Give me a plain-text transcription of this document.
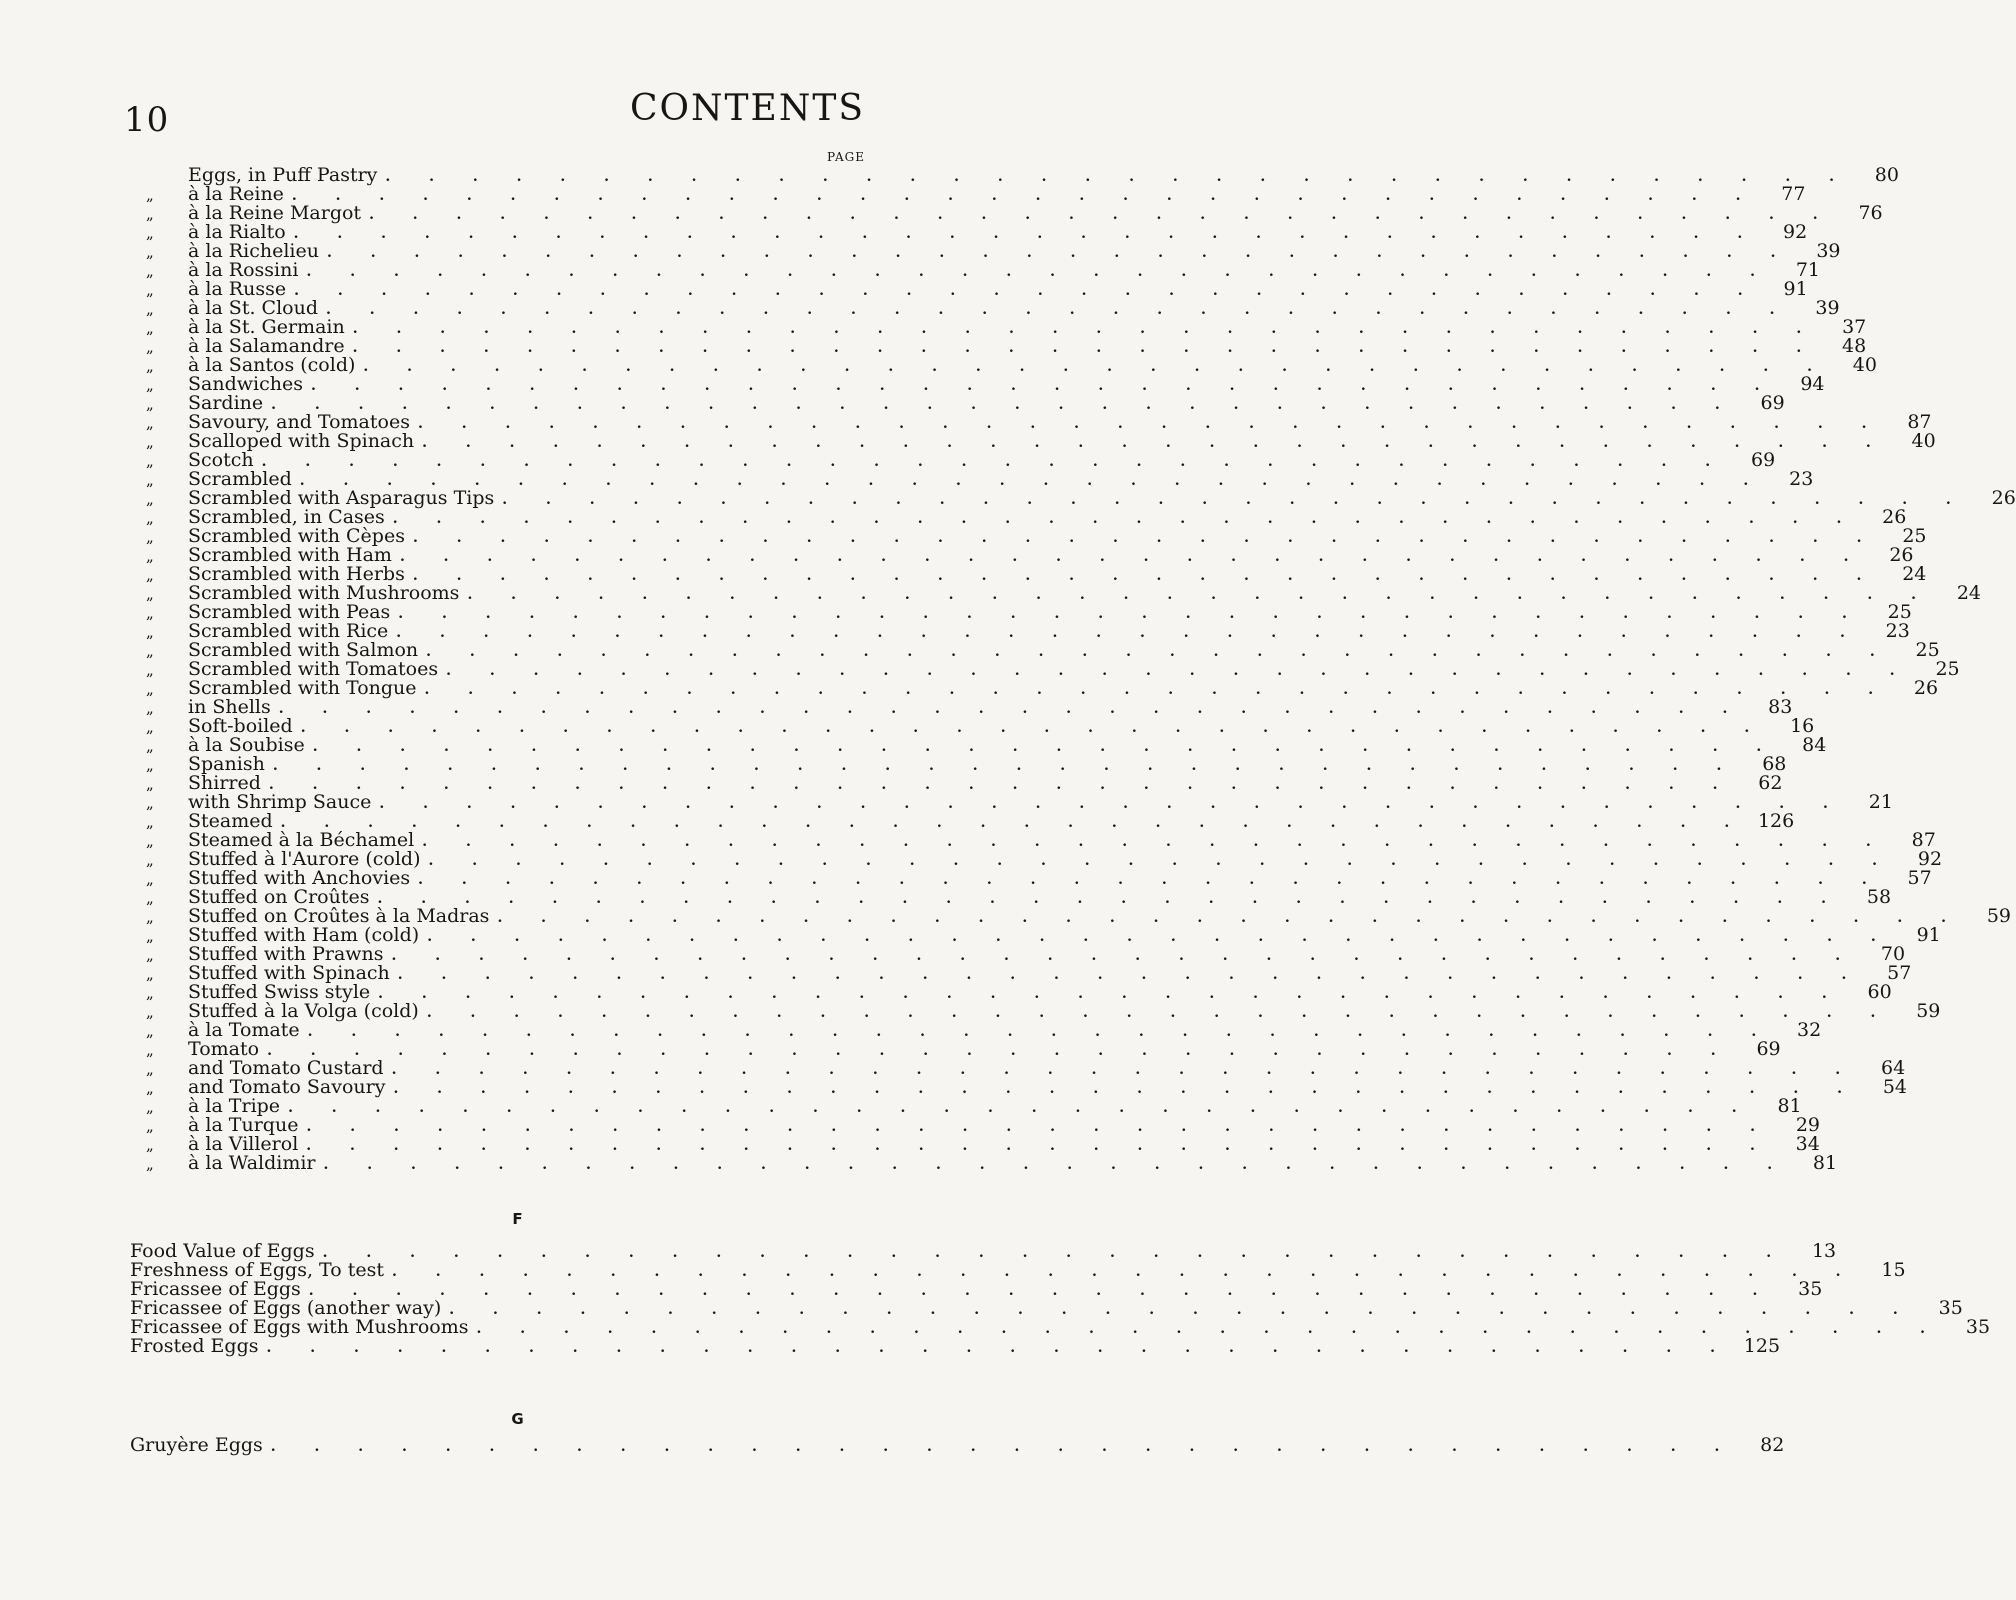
10	CONTENTS
PAGE
Eggs, in Puff Pastry . . . . . . . . . . . . . . . . . . . . . . . . . . . . . . . . . .	80
„	à la Reine . . . . . . . . . . . . . . . . . . . . . . . . . . . . . . . . . .	77
„	à la Reine Margot . . . . . . . . . . . . . . . . . . . . . . . . . . . . . . . . . .	76
„	à la Rialto . . . . . . . . . . . . . . . . . . . . . . . . . . . . . . . . . .	92
„	à la Richelieu . . . . . . . . . . . . . . . . . . . . . . . . . . . . . . . . . .	39
„	à la Rossini . . . . . . . . . . . . . . . . . . . . . . . . . . . . . . . . . .	71
„	à la Russe . . . . . . . . . . . . . . . . . . . . . . . . . . . . . . . . . .	91
„	à la St. Cloud . . . . . . . . . . . . . . . . . . . . . . . . . . . . . . . . . .	39
„	à la St. Germain . . . . . . . . . . . . . . . . . . . . . . . . . . . . . . . . . .	37
„	à la Salamandre . . . . . . . . . . . . . . . . . . . . . . . . . . . . . . . . . .	48
„	à la Santos (cold) . . . . . . . . . . . . . . . . . . . . . . . . . . . . . . . . . .	40
„	Sandwiches . . . . . . . . . . . . . . . . . . . . . . . . . . . . . . . . . .	94
„	Sardine . . . . . . . . . . . . . . . . . . . . . . . . . . . . . . . . . .	69
„	Savoury, and Tomatoes . . . . . . . . . . . . . . . . . . . . . . . . . . . . . . . . . .	87
„	Scalloped with Spinach . . . . . . . . . . . . . . . . . . . . . . . . . . . . . . . . . .	40
„	Scotch . . . . . . . . . . . . . . . . . . . . . . . . . . . . . . . . . .	69
„	Scrambled . . . . . . . . . . . . . . . . . . . . . . . . . . . . . . . . . .	23
„	Scrambled with Asparagus Tips . . . . . . . . . . . . . . . . . . . . . . . . . . . . . . . . . .	26
„	Scrambled, in Cases . . . . . . . . . . . . . . . . . . . . . . . . . . . . . . . . . .	26
„	Scrambled with Cèpes . . . . . . . . . . . . . . . . . . . . . . . . . . . . . . . . . .	25
„	Scrambled with Ham . . . . . . . . . . . . . . . . . . . . . . . . . . . . . . . . . .	26
„	Scrambled with Herbs . . . . . . . . . . . . . . . . . . . . . . . . . . . . . . . . . .	24
„	Scrambled with Mushrooms . . . . . . . . . . . . . . . . . . . . . . . . . . . . . . . . . .	24
„	Scrambled with Peas . . . . . . . . . . . . . . . . . . . . . . . . . . . . . . . . . .	25
„	Scrambled with Rice . . . . . . . . . . . . . . . . . . . . . . . . . . . . . . . . . .	23
„	Scrambled with Salmon . . . . . . . . . . . . . . . . . . . . . . . . . . . . . . . . . .	25
„	Scrambled with Tomatoes . . . . . . . . . . . . . . . . . . . . . . . . . . . . . . . . . .	25
„	Scrambled with Tongue . . . . . . . . . . . . . . . . . . . . . . . . . . . . . . . . . .	26
„	in Shells . . . . . . . . . . . . . . . . . . . . . . . . . . . . . . . . . .	83
„	Soft-boiled . . . . . . . . . . . . . . . . . . . . . . . . . . . . . . . . . .	16
„	à la Soubise . . . . . . . . . . . . . . . . . . . . . . . . . . . . . . . . . .	84
„	Spanish . . . . . . . . . . . . . . . . . . . . . . . . . . . . . . . . . .	68
„	Shirred . . . . . . . . . . . . . . . . . . . . . . . . . . . . . . . . . .	62
„	with Shrimp Sauce . . . . . . . . . . . . . . . . . . . . . . . . . . . . . . . . . .	21
„	Steamed . . . . . . . . . . . . . . . . . . . . . . . . . . . . . . . . . . 126
„	Steamed à la Béchamel . . . . . . . . . . . . . . . . . . . . . . . . . . . . . . . . . .	87
„	Stuffed à l'Aurore (cold) . . . . . . . . . . . . . . . . . . . . . . . . . . . . . . . . . .	92
„	Stuffed with Anchovies . . . . . . . . . . . . . . . . . . . . . . . . . . . . . . . . . .	57
„	Stuffed on Croûtes . . . . . . . . . . . . . . . . . . . . . . . . . . . . . . . . . .	58
„	Stuffed on Croûtes à la Madras . . . . . . . . . . . . . . . . . . . . . . . . . . . . . . . . . .	59
„	Stuffed with Ham (cold) . . . . . . . . . . . . . . . . . . . . . . . . . . . . . . . . . .	91
„	Stuffed with Prawns . . . . . . . . . . . . . . . . . . . . . . . . . . . . . . . . . .	70
„	Stuffed with Spinach . . . . . . . . . . . . . . . . . . . . . . . . . . . . . . . . . .	57
„	Stuffed Swiss style . . . . . . . . . . . . . . . . . . . . . . . . . . . . . . . . . .	60
„	Stuffed à la Volga (cold) . . . . . . . . . . . . . . . . . . . . . . . . . . . . . . . . . .	59
„	à la Tomate . . . . . . . . . . . . . . . . . . . . . . . . . . . . . . . . . .	32
„	Tomato . . . . . . . . . . . . . . . . . . . . . . . . . . . . . . . . . .	69
„	and Tomato Custard . . . . . . . . . . . . . . . . . . . . . . . . . . . . . . . . . .	64
„	and Tomato Savoury . . . . . . . . . . . . . . . . . . . . . . . . . . . . . . . . . .	54
„	à la Tripe . . . . . . . . . . . . . . . . . . . . . . . . . . . . . . . . . .	81
„	à la Turque . . . . . . . . . . . . . . . . . . . . . . . . . . . . . . . . . .	29
„	à la Villerol . . . . . . . . . . . . . . . . . . . . . . . . . . . . . . . . . .	34
„	à la Waldimir . . . . . . . . . . . . . . . . . . . . . . . . . . . . . . . . . .	81
F
Food Value of Eggs . . . . . . . . . . . . . . . . . . . . . . . . . . . . . . . . . .	13
Freshness of Eggs, To test . . . . . . . . . . . . . . . . . . . . . . . . . . . . . . . . . .	15
Fricassee of Eggs . . . . . . . . . . . . . . . . . . . . . . . . . . . . . . . . . .	35
Fricassee of Eggs (another way) . . . . . . . . . . . . . . . . . . . . . . . . . . . . . . . . . .	35
Fricassee of Eggs with Mushrooms . . . . . . . . . . . . . . . . . . . . . . . . . . . . . . . . . .	35
Frosted Eggs . . . . . . . . . . . . . . . . . . . . . . . . . . . . . . . . . . 125
G
Gruyère Eggs . . . . . . . . . . . . . . . . . . . . . . . . . . . . . . . . . .	82
